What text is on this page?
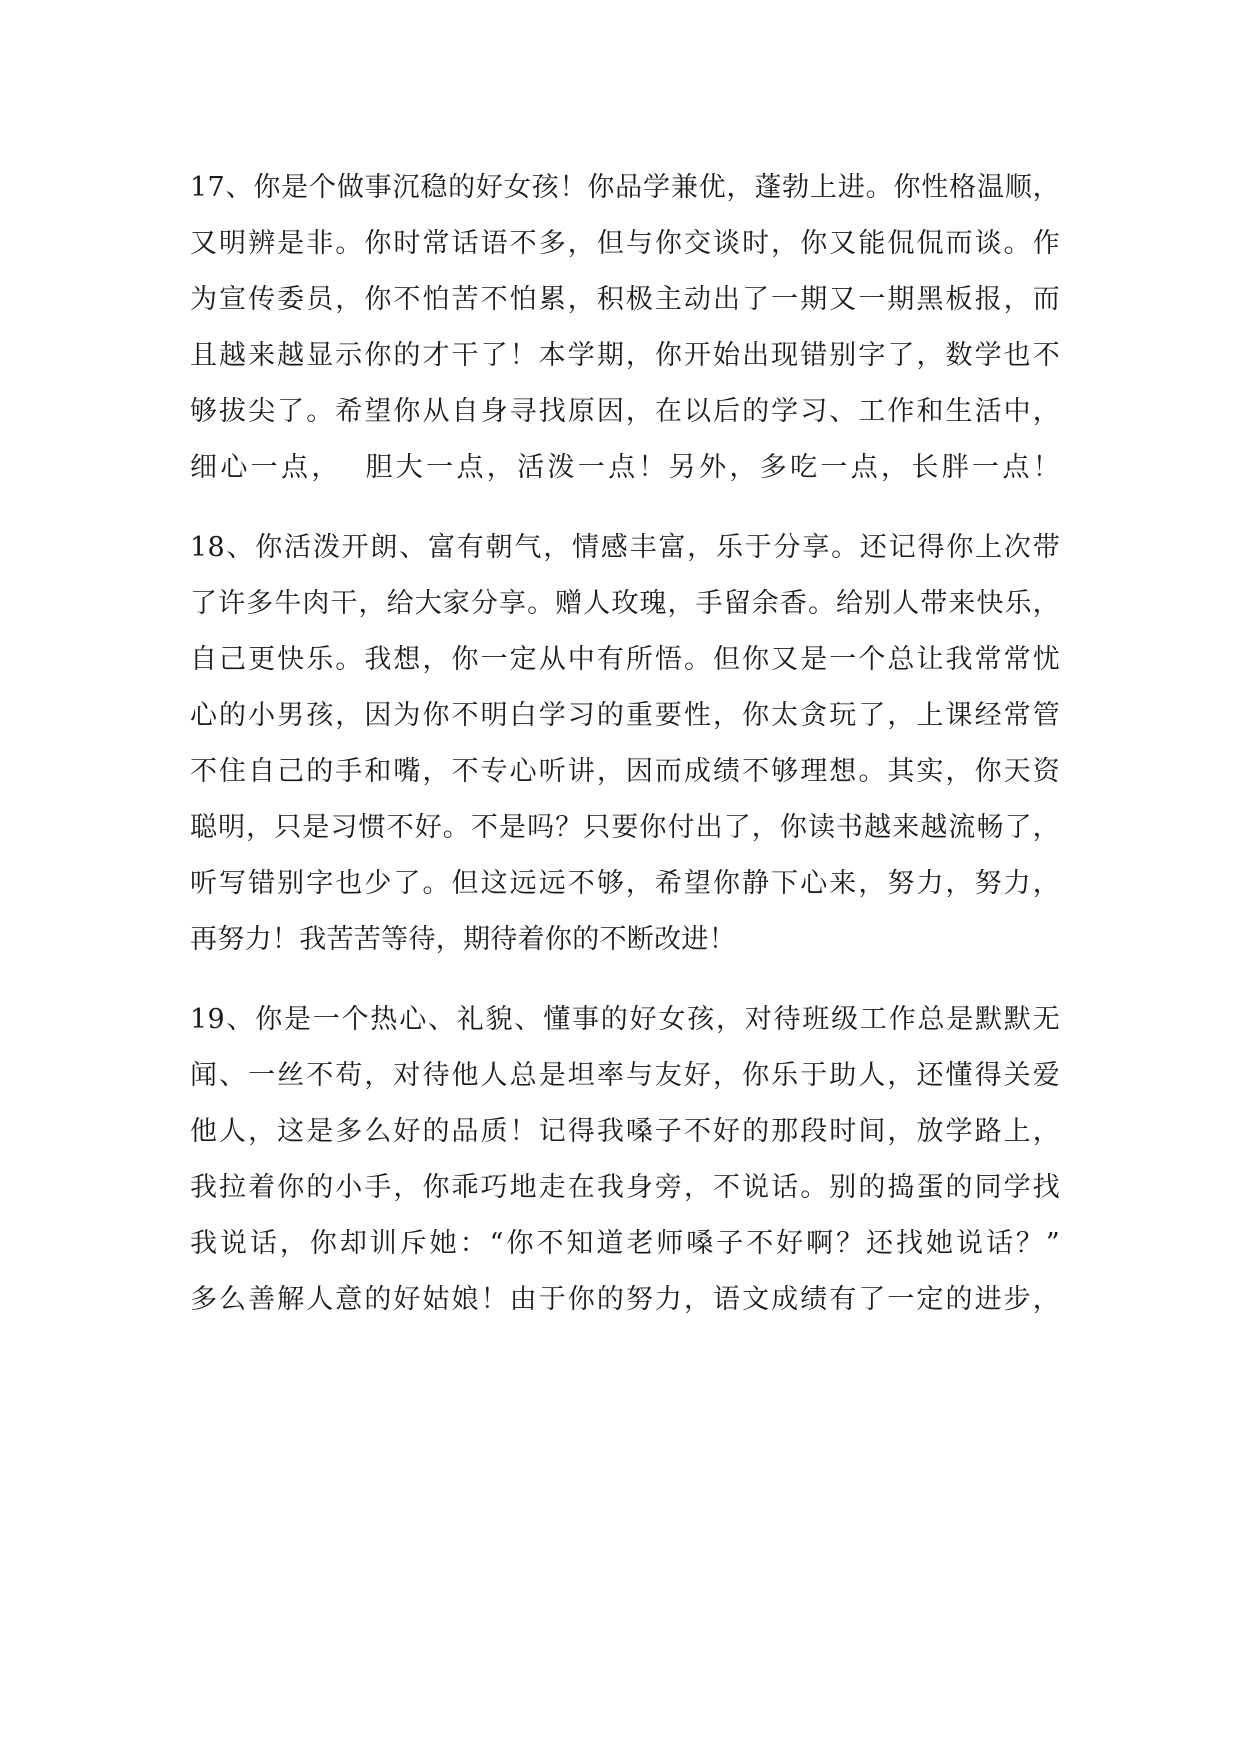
17、你是个做事沉稳的好女孩！你品学兼优，蓬勃上进。你性格温顺，
又明辨是非。你时常话语不多，但与你交谈时，你又能侃侃而谈。作
为宣传委员，你不怕苦不怕累，积极主动出了一期又一期黑板报，而
且越来越显示你的才干了！本学期，你开始出现错别字了，数学也不
够拔尖了。希望你从自身寻找原因，在以后的学习、工作和生活中，
细心一点，  胆大一点，活泼一点！另外，多吃一点，长胖一点！
18、你活泼开朗、富有朝气，情感丰富，乐于分享。还记得你上次带
了许多牛肉干，给大家分享。赠人玫瑰，手留余香。给别人带来快乐，
自己更快乐。我想，你一定从中有所悟。但你又是一个总让我常常忧
心的小男孩，因为你不明白学习的重要性，你太贪玩了，上课经常管
不住自己的手和嘴，不专心听讲，因而成绩不够理想。其实，你天资
聪明，只是习惯不好。不是吗？只要你付出了，你读书越来越流畅了，
听写错别字也少了。但这远远不够，希望你静下心来，努力，努力，
再努力！我苦苦等待，期待着你的不断改进！
19、你是一个热心、礼貌、懂事的好女孩，对待班级工作总是默默无
闻、一丝不苟，对待他人总是坦率与友好，你乐于助人，还懂得关爱
他人，这是多么好的品质！记得我嗓子不好的那段时间，放学路上，
我拉着你的小手，你乖巧地走在我身旁，不说话。别的捣蛋的同学找
我说话，你却训斥她：“你不知道老师嗓子不好啊？还找她说话？”
多么善解人意的好姑娘！由于你的努力，语文成绩有了一定的进步，
